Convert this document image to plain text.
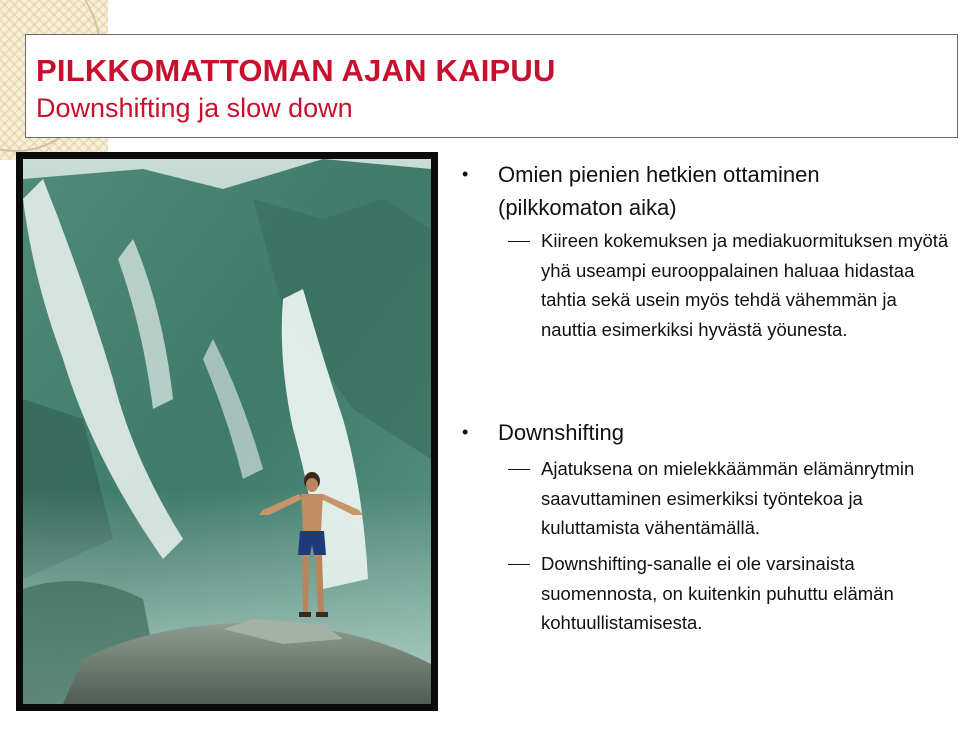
PILKKOMATTOMAN AJAN KAIPUU

Downshifting ja slow down

• Omien pienien hetkien ottaminen (pilkkomaton aika)
Kiireen kokemuksen ja mediakuormituksen myötä yhä useampi eurooppalainen haluaa hidastaa tahtia sekä usein myös tehdä vähemmän ja nauttia esimerkiksi hyvästä yöunesta.
• Downshifting
Ajatuksena on mielekkäämmän elämänrytmin saavuttaminen esimerkiksi työntekoa ja kuluttamista vähentämällä.
Downshifting-sanalle ei ole varsinaista suomennosta, on kuitenkin puhuttu elämän kohtuullistamisesta.
